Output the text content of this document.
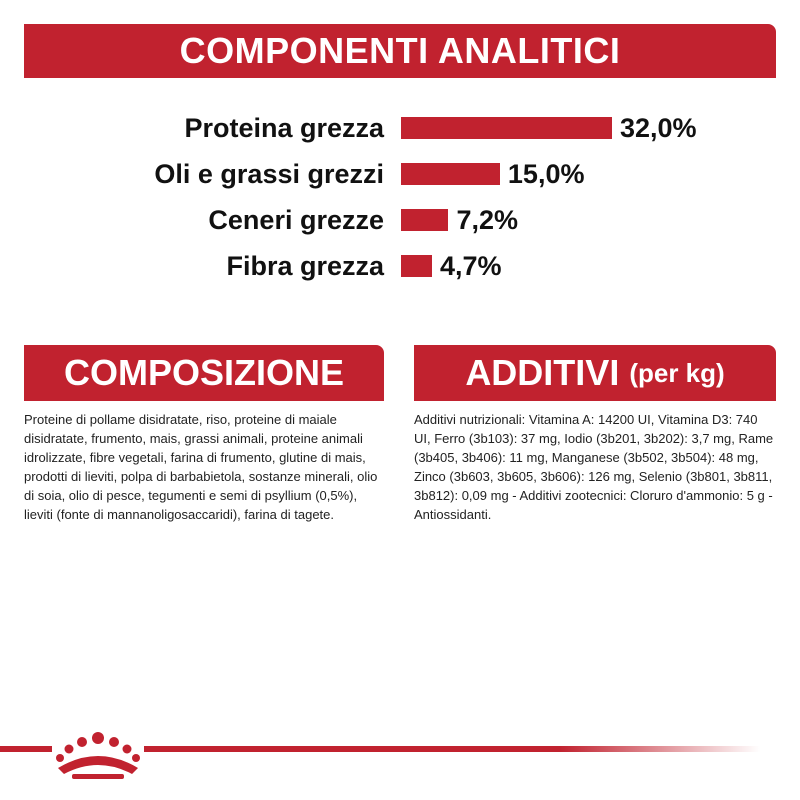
COMPONENTI ANALITICI
Proteina grezza	32,0%
Oli e grassi grezzi	15,0%
Ceneri grezze	7,2%
Fibra grezza 4,7%
COMPOSIZIONE
Proteine di pollame disidratate, riso, proteine di maiale disidratate, frumento, mais, grassi animali, proteine animali idrolizzate, fibre vegetali, farina di frumento, glutine di mais, prodotti di lieviti, polpa di barbabietola, sostanze minerali, olio di soia, olio di pesce, tegumenti e semi di psyllium (0,5%), lieviti (fonte di mannanoligosaccaridi), farina di tagete.
ADDITIVI (per kg)
Additivi nutrizionali: Vitamina A: 14200 UI, Vitamina D3: 740 UI, Ferro (3b103): 37 mg, Iodio (3b201, 3b202): 3,7 mg, Rame (3b405, 3b406): 11 mg, Manganese (3b502, 3b504): 48 mg, Zinco (3b603, 3b605, 3b606): 126 mg, Selenio (3b801, 3b811, 3b812): 0,09 mg - Additivi zootecnici: Cloruro d'ammonio: 5 g - Antiossidanti.
